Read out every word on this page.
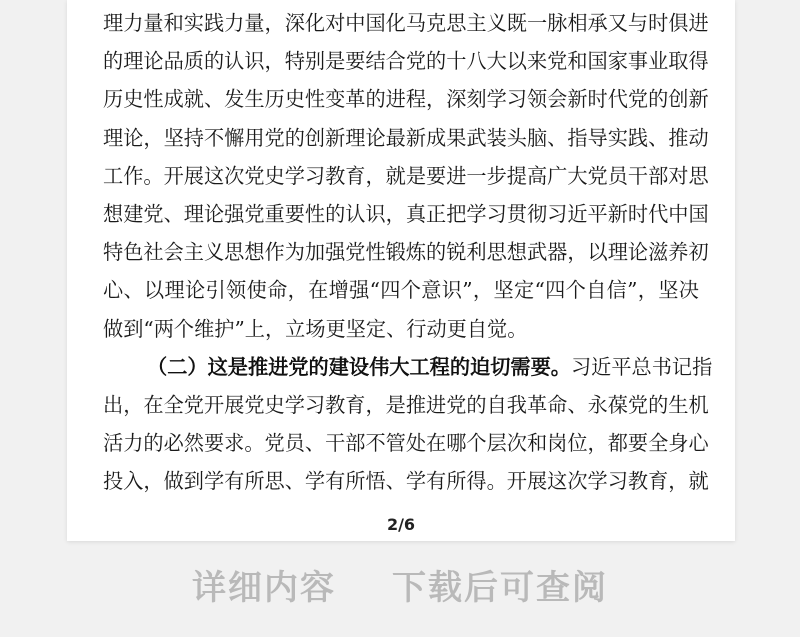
理力量和实践力量，深化对中国化马克思主义既一脉相承又与时俱进
的理论品质的认识，特别是要结合党的十八大以来党和国家事业取得
历史性成就、发生历史性变革的进程，深刻学习领会新时代党的创新
理论，坚持不懈用党的创新理论最新成果武装头脑、指导实践、推动
工作。开展这次党史学习教育，就是要进一步提高广大党员干部对思
想建党、理论强党重要性的认识，真正把学习贯彻习近平新时代中国
特色社会主义思想作为加强党性锻炼的锐利思想武器，以理论滋养初
心、以理论引领使命，在增强“四个意识”，坚定“四个自信”，坚决
做到“两个维护”上，立场更坚定、行动更自觉。
（二）这是推进党的建设伟大工程的迫切需要。习近平总书记指
出，在全党开展党史学习教育，是推进党的自我革命、永葆党的生机
活力的必然要求。党员、干部不管处在哪个层次和岗位，都要全身心
投入，做到学有所思、学有所悟、学有所得。开展这次学习教育，就
2/6
详细内容 下载后可查阅
